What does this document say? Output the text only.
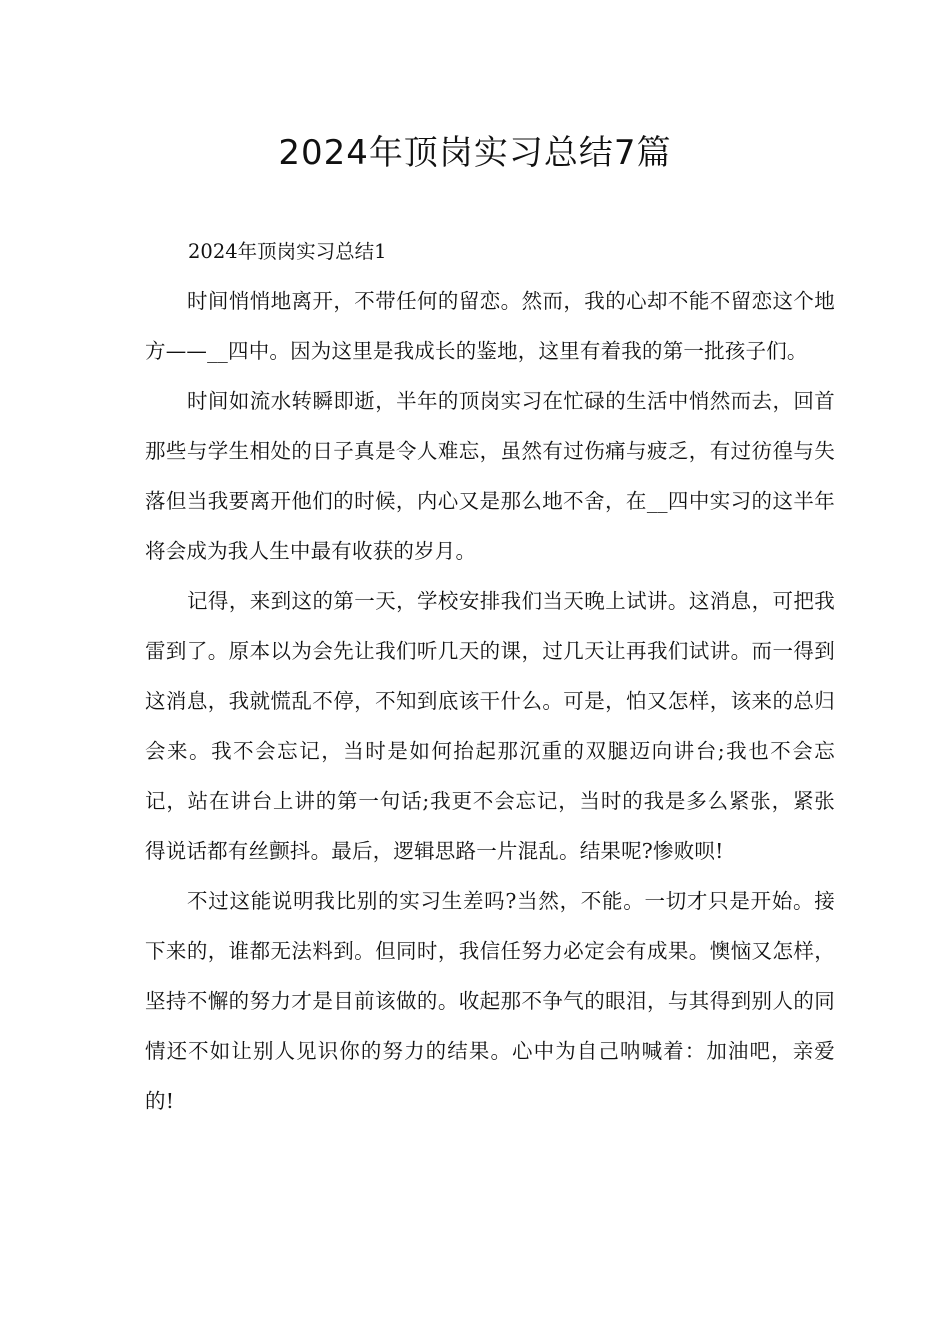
2024年顶岗实习总结7篇
2024年顶岗实习总结1

时间悄悄地离开，不带任何的留恋。然而，我的心却不能不留恋这个地方——__四中。因为这里是我成长的鉴地，这里有着我的第一批孩子们。

时间如流水转瞬即逝，半年的顶岗实习在忙碌的生活中悄然而去，回首那些与学生相处的日子真是令人难忘，虽然有过伤痛与疲乏，有过彷徨与失落但当我要离开他们的时候，内心又是那么地不舍，在__四中实习的这半年将会成为我人生中最有收获的岁月。

记得，来到这的第一天，学校安排我们当天晚上试讲。这消息，可把我雷到了。原本以为会先让我们听几天的课，过几天让再我们试讲。而一得到这消息，我就慌乱不停，不知到底该干什么。可是，怕又怎样，该来的总归会来。我不会忘记，当时是如何抬起那沉重的双腿迈向讲台;我也不会忘记，站在讲台上讲的第一句话;我更不会忘记，当时的我是多么紧张，紧张得说话都有丝颤抖。最后，逻辑思路一片混乱。结果呢?惨败呗!

不过这能说明我比别的实习生差吗?当然，不能。一切才只是开始。接下来的，谁都无法料到。但同时，我信任努力必定会有成果。懊恼又怎样，坚持不懈的努力才是目前该做的。收起那不争气的眼泪，与其得到别人的同情还不如让别人见识你的努力的结果。心中为自己呐喊着：加油吧，亲爱的!
